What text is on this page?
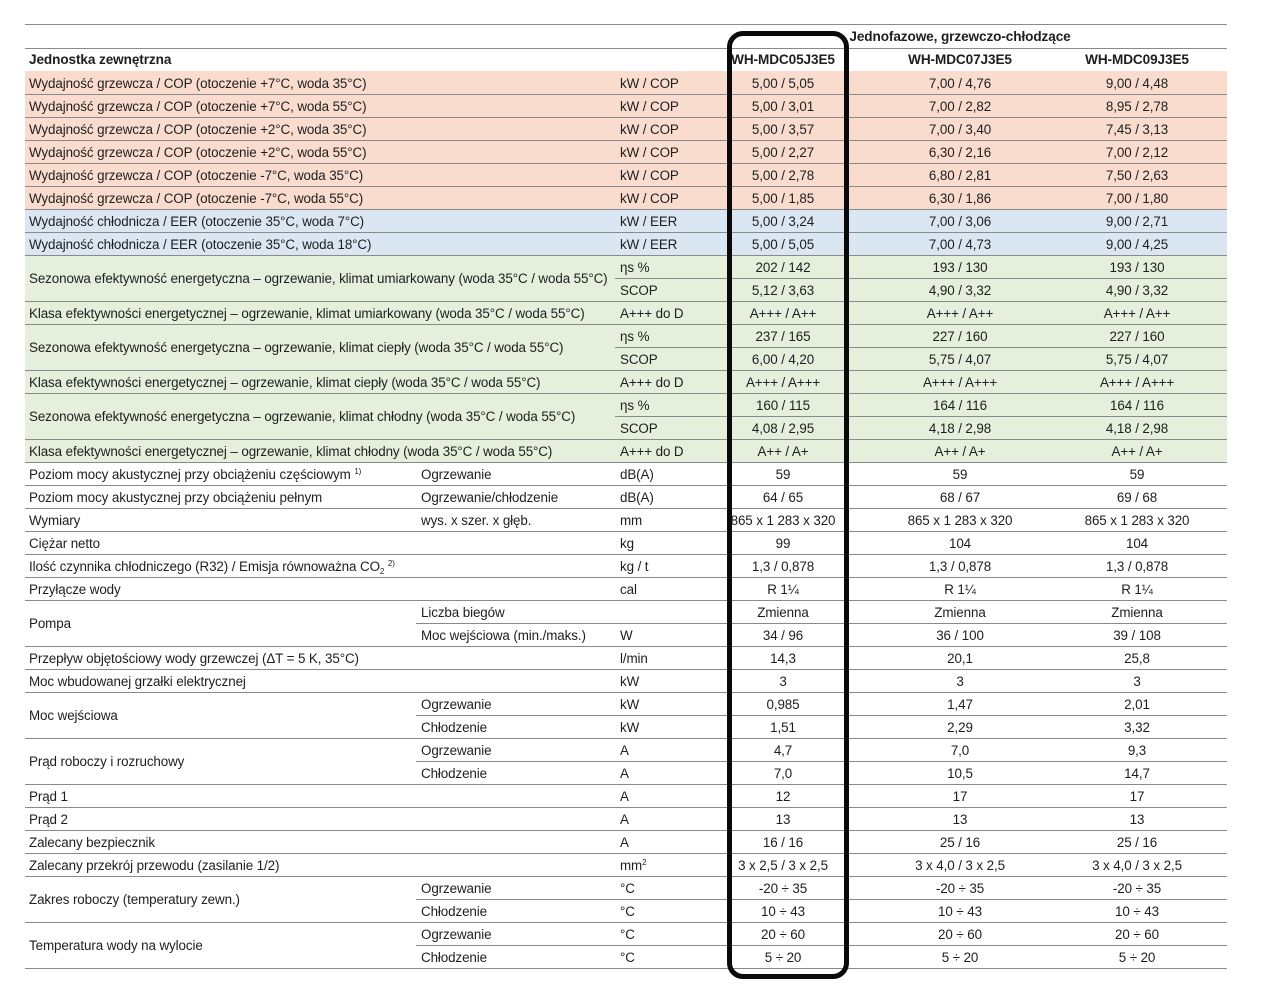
Jednofazowe, grzewczo-chłodzące
Jednostka zewnętrzna	WH-MDC05J3E5	WH-MDC07J3E5	WH-MDC09J3E5
Wydajność grzewcza / COP (otoczenie +7°C, woda 35°C)	kW / COP	5,00 / 5,05	7,00 / 4,76	9,00 / 4,48
Wydajność grzewcza / COP (otoczenie +7°C, woda 55°C)	kW / COP	5,00 / 3,01	7,00 / 2,82	8,95 / 2,78
Wydajność grzewcza / COP (otoczenie +2°C, woda 35°C)	kW / COP	5,00 / 3,57	7,00 / 3,40	7,45 / 3,13
Wydajność grzewcza / COP (otoczenie +2°C, woda 55°C)	kW / COP	5,00 / 2,27	6,30 / 2,16	7,00 / 2,12
Wydajność grzewcza / COP (otoczenie -7°C, woda 35°C)	kW / COP	5,00 / 2,78	6,80 / 2,81	7,50 / 2,63
Wydajność grzewcza / COP (otoczenie -7°C, woda 55°C)	kW / COP	5,00 / 1,85	6,30 / 1,86	7,00 / 1,80
Wydajność chłodnicza / EER (otoczenie 35°C, woda 7°C)	kW / EER	5,00 / 3,24	7,00 / 3,06	9,00 / 2,71
Wydajność chłodnicza / EER (otoczenie 35°C, woda 18°C)	kW / EER	5,00 / 5,05	7,00 / 4,73	9,00 / 4,25
Sezonowa efektywność energetyczna – ogrzewanie, klimat umiarkowany (woda 35°C / woda 55°C)
ηs %	202 / 142	193 / 130	193 / 130
SCOP	5,12 / 3,63	4,90 / 3,32	4,90 / 3,32
Klasa efektywności energetycznej – ogrzewanie, klimat umiarkowany (woda 35°C / woda 55°C)	A+++ do D	A+++ / A++	A+++ / A++	A+++ / A++
Sezonowa efektywność energetyczna – ogrzewanie, klimat ciepły (woda 35°C / woda 55°C)
ηs %	237 / 165	227 / 160	227 / 160
SCOP	6,00 / 4,20	5,75 / 4,07	5,75 / 4,07
Klasa efektywności energetycznej – ogrzewanie, klimat ciepły (woda 35°C / woda 55°C)	A+++ do D	A+++ / A+++	A+++ / A+++	A+++ / A+++
Sezonowa efektywność energetyczna – ogrzewanie, klimat chłodny (woda 35°C / woda 55°C)
ηs %	160 / 115	164 / 116	164 / 116
SCOP	4,08 / 2,95	4,18 / 2,98	4,18 / 2,98
Klasa efektywności energetycznej – ogrzewanie, klimat chłodny (woda 35°C / woda 55°C)	A+++ do D	A++ / A+	A++ / A+	A++ / A+
Poziom mocy akustycznej przy obciążeniu częściowym $^{1)}$	Ogrzewanie	dB(A)	59	59	59
Poziom mocy akustycznej przy obciążeniu pełnym	Ogrzewanie/chłodzenie	dB(A)	64 / 65	68 / 67	69 / 68
Wymiary	wys. x szer. x głęb.	mm	865 x 1 283 x 320	865 x 1 283 x 320	865 x 1 283 x 320
Ciężar netto	kg	99	104	104
Ilość czynnika chłodniczego (R32) / Emisja równoważna $CO_2$ $^{2)}$	kg / t	1,3 / 0,878	1,3 / 0,878	1,3 / 0,878
Przyłącze wody	cal	R 1¼	R 1¼	R 1¼
Pompa
Liczba biegów	Zmienna	Zmienna	Zmienna
Moc wejściowa (min./maks.)	W	34 / 96	36 / 100	39 / 108
Przepływ objętościowy wody grzewczej (ΔT = 5 K, 35°C)	l/min	14,3	20,1	25,8
Moc wbudowanej grzałki elektrycznej	kW	3	3	3
Moc wejściowa
Ogrzewanie	kW	0,985	1,47	2,01
Chłodzenie	kW	1,51	2,29	3,32
Prąd roboczy i rozruchowy
Ogrzewanie	A	4,7	7,0	9,3
Chłodzenie	A	7,0	10,5	14,7
Prąd 1	A	12	17	17
Prąd 2	A	13	13	13
Zalecany bezpiecznik	A	16 / 16	25 / 16	25 / 16
Zalecany przekrój przewodu (zasilanie 1/2)	$mm^2$	3 x 2,5 / 3 x 2,5	3 x 4,0 / 3 x 2,5	3 x 4,0 / 3 x 2,5
Zakres roboczy (temperatury zewn.)
Ogrzewanie	°C	-20 ÷ 35	-20 ÷ 35	-20 ÷ 35
Chłodzenie	°C	10 ÷ 43	10 ÷ 43	10 ÷ 43
Temperatura wody na wylocie
Ogrzewanie	°C	20 ÷ 60	20 ÷ 60	20 ÷ 60
Chłodzenie	°C	5 ÷ 20	5 ÷ 20	5 ÷ 20
